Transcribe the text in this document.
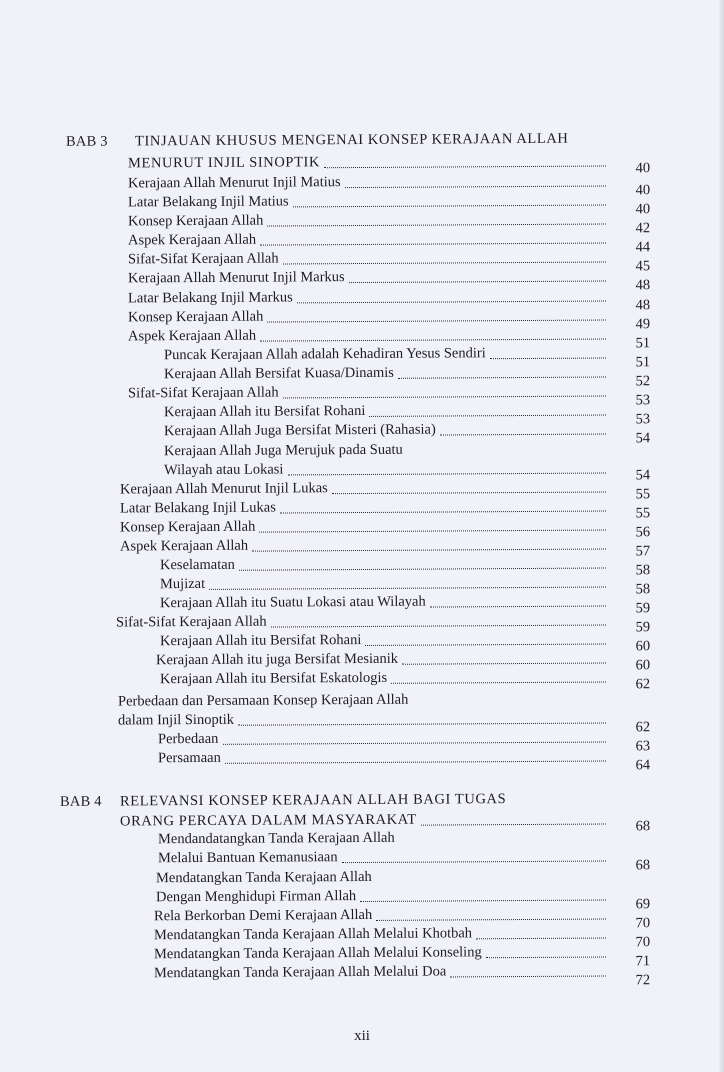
BAB 3 TINJAUAN KHUSUS MENGENAI KONSEP KERAJAAN ALLAH
MENURUT INJIL SINOPTIK	40
Kerajaan Allah Menurut Injil Matius	40
Latar Belakang Injil Matius	40
Konsep Kerajaan Allah	42
Aspek Kerajaan Allah	44
Sifat-Sifat Kerajaan Allah	45
Kerajaan Allah Menurut Injil Markus	48
Latar Belakang Injil Markus	48
Konsep Kerajaan Allah	49
Aspek Kerajaan Allah	51
Puncak Kerajaan Allah adalah Kehadiran Yesus Sendiri	51
Kerajaan Allah Bersifat Kuasa/Dinamis	52
Sifat-Sifat Kerajaan Allah	53
Kerajaan Allah itu Bersifat Rohani	53
Kerajaan Allah Juga Bersifat Misteri (Rahasia)	54
Kerajaan Allah Juga Merujuk pada Suatu
Wilayah atau Lokasi	54
Kerajaan Allah Menurut Injil Lukas	55
Latar Belakang Injil Lukas	55
Konsep Kerajaan Allah	56
Aspek Kerajaan Allah	57
Keselamatan	58
Mujizat	58
Kerajaan Allah itu Suatu Lokasi atau Wilayah	59
Sifat-Sifat Kerajaan Allah	59
Kerajaan Allah itu Bersifat Rohani	60
Kerajaan Allah itu juga Bersifat Mesianik	60
Kerajaan Allah itu Bersifat Eskatologis	62
Perbedaan dan Persamaan Konsep Kerajaan Allah
dalam Injil Sinoptik	62
Perbedaan	63
Persamaan	64
BAB 4 RELEVANSI KONSEP KERAJAAN ALLAH BAGI TUGAS
ORANG PERCAYA DALAM MASYARAKAT	68
Mendandatangkan Tanda Kerajaan Allah
Melalui Bantuan Kemanusiaan	68
Mendatangkan Tanda Kerajaan Allah
Dengan Menghidupi Firman Allah	69
Rela Berkorban Demi Kerajaan Allah	70
Mendatangkan Tanda Kerajaan Allah Melalui Khotbah	70
Mendatangkan Tanda Kerajaan Allah Melalui Konseling	71
Mendatangkan Tanda Kerajaan Allah Melalui Doa	72
xii
